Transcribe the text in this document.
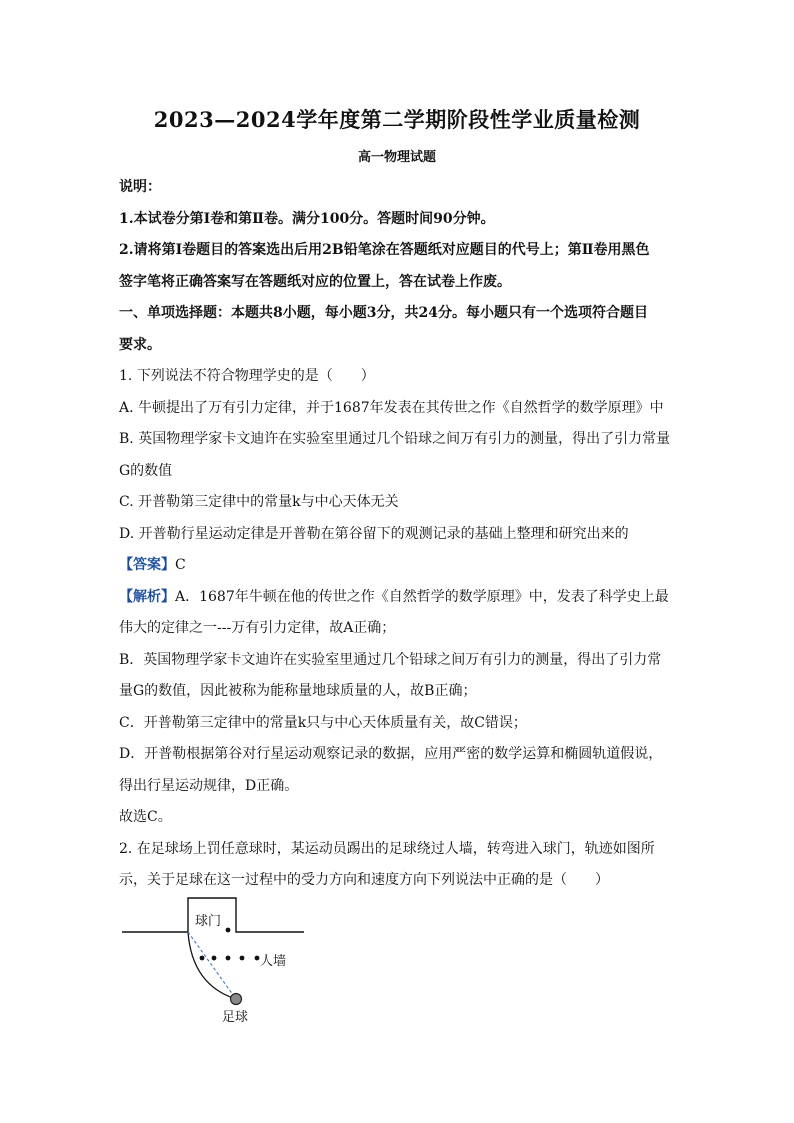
2023—2024学年度第二学期阶段性学业质量检测
高一物理试题

说明：

1.本试卷分第Ⅰ卷和第Ⅱ卷。满分100分。答题时间90分钟。

2.请将第Ⅰ卷题目的答案选出后用2B铅笔涂在答题纸对应题目的代号上；第Ⅱ卷用黑色

签字笔将正确答案写在答题纸对应的位置上，答在试卷上作废。

一、单项选择题：本题共8小题，每小题3分，共24分。每小题只有一个选项符合题目

要求。

1. 下列说法不符合物理学史的是（　　）

A. 牛顿提出了万有引力定律，并于1687年发表在其传世之作《自然哲学的数学原理》中

B. 英国物理学家卡文迪许在实验室里通过几个铅球之间万有引力的测量，得出了引力常量

G的数值

C. 开普勒第三定律中的常量k与中心天体无关

D. 开普勒行星运动定律是开普勒在第谷留下的观测记录的基础上整理和研究出来的

【答案】C

【解析】A．1687年牛顿在他的传世之作《自然哲学的数学原理》中，发表了科学史上最

伟大的定律之一---万有引力定律，故A正确；

B．英国物理学家卡文迪许在实验室里通过几个铅球之间万有引力的测量，得出了引力常

量G的数值，因此被称为能称量地球质量的人，故B正确；

C．开普勒第三定律中的常量k只与中心天体质量有关，故C错误；

D．开普勒根据第谷对行星运动观察记录的数据，应用严密的数学运算和椭圆轨道假说，

得出行星运动规律，D正确。

故选C。

2. 在足球场上罚任意球时，某运动员踢出的足球绕过人墙，转弯进入球门，轨迹如图所

示，关于足球在这一过程中的受力方向和速度方向下列说法中正确的是（　　）

球门
人墙
足球
